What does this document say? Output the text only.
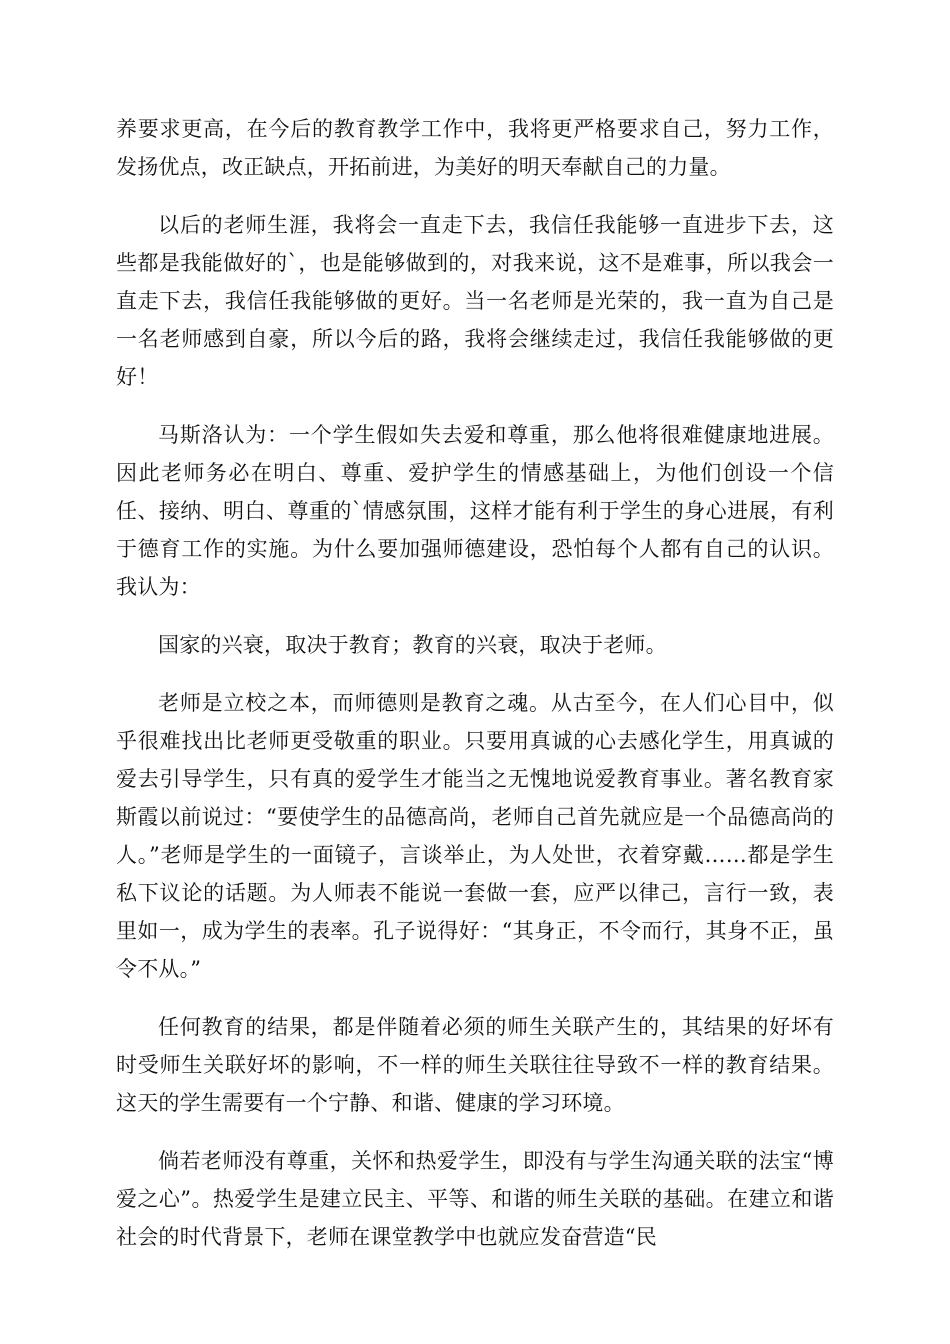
养要求更高，在今后的教育教学工作中，我将更严格要求自己，努力工作，发扬优点，改正缺点，开拓前进，为美好的明天奉献自己的力量。

以后的老师生涯，我将会一直走下去，我信任我能够一直进步下去，这些都是我能做好的`，也是能够做到的，对我来说，这不是难事，所以我会一直走下去，我信任我能够做的更好。当一名老师是光荣的，我一直为自己是一名老师感到自豪，所以今后的路，我将会继续走过，我信任我能够做的更好！

马斯洛认为：一个学生假如失去爱和尊重，那么他将很难健康地进展。因此老师务必在明白、尊重、爱护学生的情感基础上，为他们创设一个信任、接纳、明白、尊重的`情感氛围，这样才能有利于学生的身心进展，有利于德育工作的实施。为什么要加强师德建设，恐怕每个人都有自己的认识。我认为：

国家的兴衰，取决于教育；教育的兴衰，取决于老师。

老师是立校之本，而师德则是教育之魂。从古至今，在人们心目中，似乎很难找出比老师更受敬重的职业。只要用真诚的心去感化学生，用真诚的爱去引导学生，只有真的爱学生才能当之无愧地说爱教育事业。著名教育家斯霞以前说过：“要使学生的品德高尚，老师自己首先就应是一个品德高尚的人。”老师是学生的一面镜子，言谈举止，为人处世，衣着穿戴……都是学生私下议论的话题。为人师表不能说一套做一套，应严以律己，言行一致，表里如一，成为学生的表率。孔子说得好：“其身正，不令而行，其身不正，虽令不从。”

任何教育的结果，都是伴随着必须的师生关联产生的，其结果的好坏有时受师生关联好坏的影响，不一样的师生关联往往导致不一样的教育结果。这天的学生需要有一个宁静、和谐、健康的学习环境。

倘若老师没有尊重，关怀和热爱学生，即没有与学生沟通关联的法宝“博爱之心”。热爱学生是建立民主、平等、和谐的师生关联的基础。在建立和谐社会的时代背景下，老师在课堂教学中也就应发奋营造“民
